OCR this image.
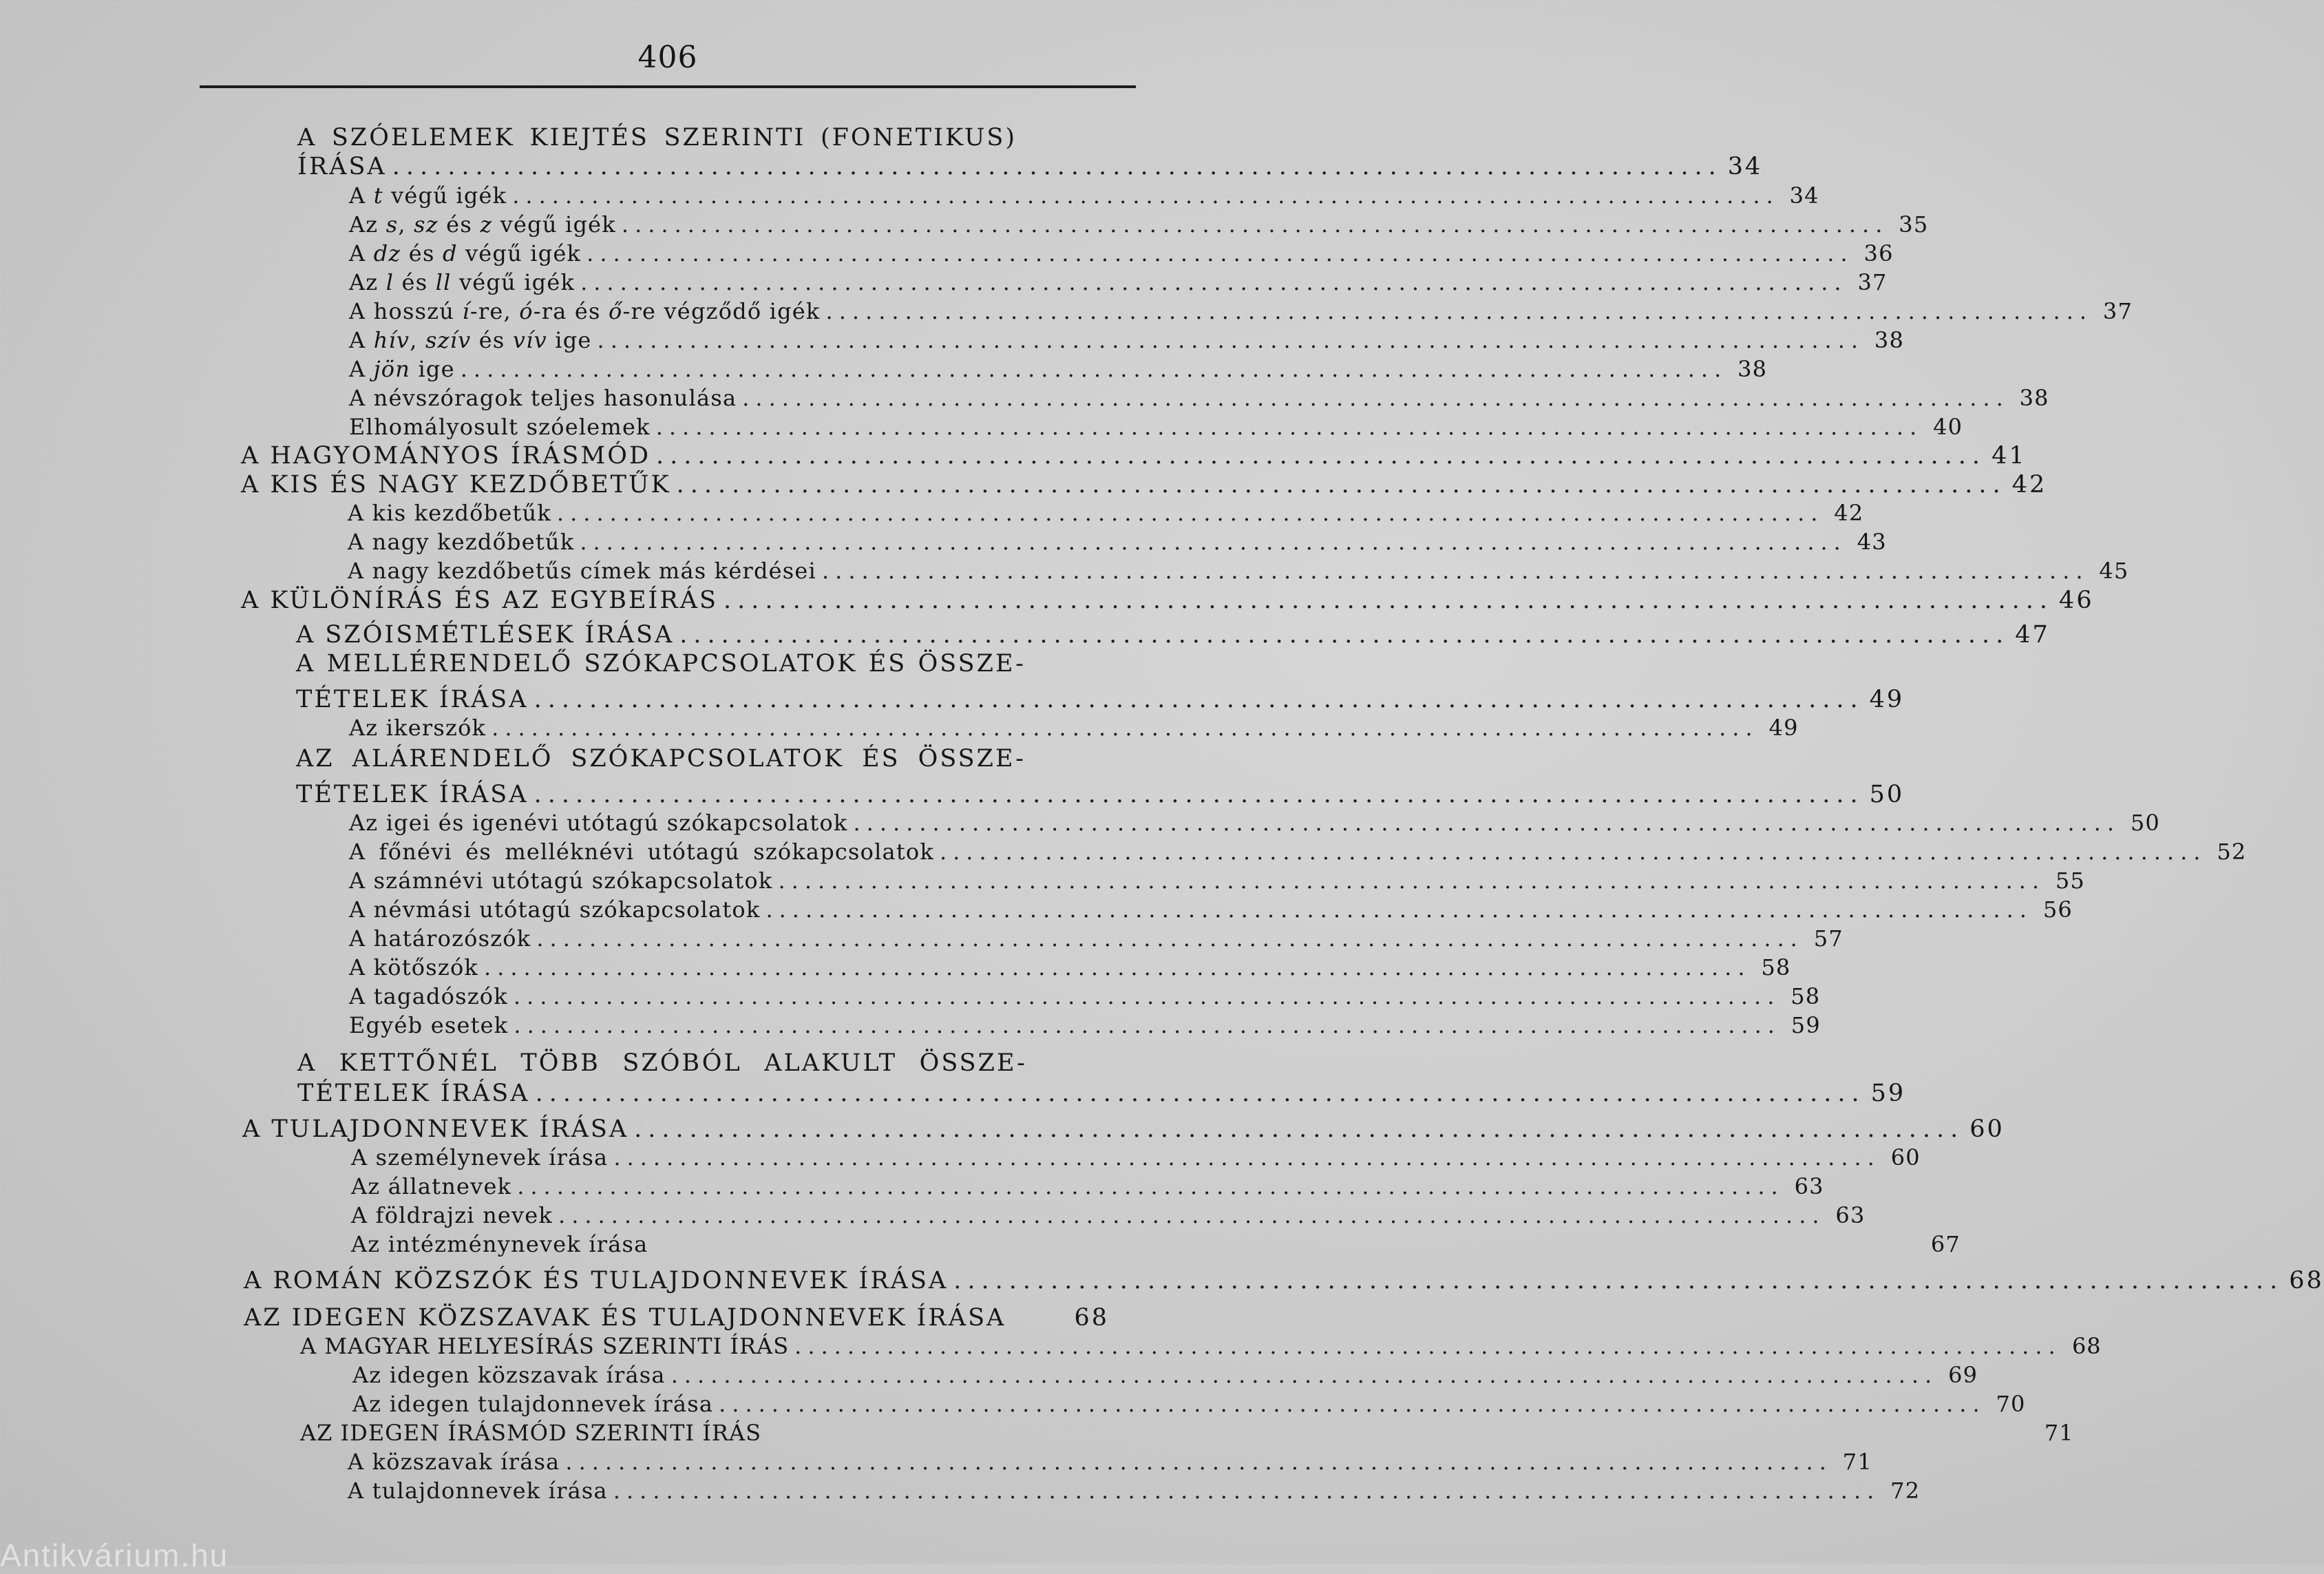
406
A SZÓELEMEK KIEJTÉS SZERINTI (FONETIKUS)
ÍRÁSA ................................................................................................ 34
A t végű igék ................................................................................................ 34
Az s, sz és z végű igék ................................................................................................ 35
A dz és d végű igék ................................................................................................ 36
Az l és ll végű igék ................................................................................................ 37
A hosszú í-re, ó-ra és ő-re végződő igék ................................................................................................ 37
A hív, szív és vív ige ................................................................................................ 38
A jön ige ................................................................................................ 38
A névszóragok teljes hasonulása ................................................................................................ 38
Elhomályosult szóelemek ................................................................................................ 40
A HAGYOMÁNYOS ÍRÁSMÓD ................................................................................................ 41
A KIS ÉS NAGY KEZDŐBETŰK ................................................................................................ 42
A kis kezdőbetűk ................................................................................................ 42
A nagy kezdőbetűk ................................................................................................ 43
A nagy kezdőbetűs címek más kérdései ................................................................................................ 45
A KÜLÖNÍRÁS ÉS AZ EGYBEÍRÁS ................................................................................................ 46
A SZÓISMÉTLÉSEK ÍRÁSA ................................................................................................ 47
A MELLÉRENDELŐ SZÓKAPCSOLATOK ÉS ÖSSZE-
TÉTELEK ÍRÁSA ................................................................................................ 49
Az ikerszók ................................................................................................ 49
AZ ALÁRENDELŐ SZÓKAPCSOLATOK ÉS ÖSSZE-
TÉTELEK ÍRÁSA ................................................................................................ 50
Az igei és igenévi utótagú szókapcsolatok ................................................................................................ 50
A főnévi és melléknévi utótagú szókapcsolatok ................................................................................................ 52
A számnévi utótagú szókapcsolatok ................................................................................................ 55
A névmási utótagú szókapcsolatok ................................................................................................ 56
A határozószók ................................................................................................ 57
A kötőszók ................................................................................................ 58
A tagadószók ................................................................................................ 58
Egyéb esetek ................................................................................................ 59
A KETTŐNÉL TÖBB SZÓBÓL ALAKULT ÖSSZE-
TÉTELEK ÍRÁSA ................................................................................................ 59
A TULAJDONNEVEK ÍRÁSA ................................................................................................ 60
A személynevek írása ................................................................................................ 60
Az állatnevek ................................................................................................ 63
A földrajzi nevek ................................................................................................ 63
Az intézménynevek írása	67
A ROMÁN KÖZSZÓK ÉS TULAJDONNEVEK ÍRÁSA ................................................................................................ 68
AZ IDEGEN KÖZSZAVAK ÉS TULAJDONNEVEK ÍRÁSA	68
A MAGYAR HELYESÍRÁS SZERINTI ÍRÁS ................................................................................................ 68
Az idegen közszavak írása ................................................................................................ 69
Az idegen tulajdonnevek írása ................................................................................................ 70
AZ IDEGEN ÍRÁSMÓD SZERINTI ÍRÁS	71
A közszavak írása ................................................................................................ 71
A tulajdonnevek írása ................................................................................................ 72
Antikvárium.hu
